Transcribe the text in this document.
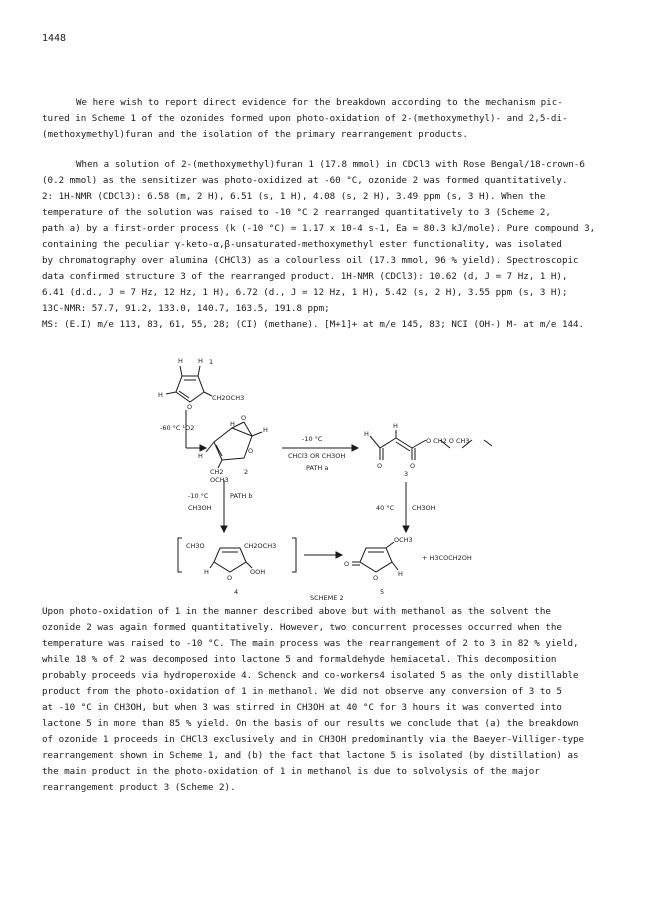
1448
We here wish to report direct evidence for the breakdown according to the mechanism pic-
tured in Scheme 1 of the ozonides formed upon photo-oxidation of 2-(methoxymethyl)- and 2,5-di-
(methoxymethyl)furan and the isolation of the primary rearrangement products.
When a solution of 2-(methoxymethyl)furan 1 (17.8 mmol) in CDCl3 with Rose Bengal/18-crown-6
(0.2 mmol) as the sensitizer was photo-oxidized at -60 °C, ozonide 2 was formed quantitatively.
2: 1H-NMR (CDCl3): 6.58 (m, 2 H), 6.51 (s, 1 H), 4.08 (s, 2 H), 3.49 ppm (s, 3 H). When the
temperature of the solution was raised to -10 °C 2 rearranged quantitatively to 3 (Scheme 2,
path a) by a first-order process (k (-10 °C) = 1.17 x 10-4 s-1, Ea = 80.3 kJ/mole). Pure compound 3,
containing the peculiar γ-keto-α,β-unsaturated-methoxymethyl ester functionality, was isolated
by chromatography over alumina (CHCl3) as a colourless oil (17.3 mmol, 96 % yield). Spectroscopic
data confirmed structure 3 of the rearranged product. 1H-NMR (CDCl3): 10.62 (d, J = 7 Hz, 1 H),
6.41 (d.d., J = 7 Hz, 12 Hz, 1 H), 6.72 (d., J = 12 Hz, 1 H), 5.42 (s, 2 H), 3.55 ppm (s, 3 H);
13C-NMR: 57.7, 91.2, 133.0, 140.7, 163.5, 191.8 ppm;
MS: (E.I) m/e 113, 83, 61, 55, 28; (CI) (methane). [M+1]+ at m/e 145, 83; NCI (OH-) M- at m/e 144.
H H 1
H	CH2OCH3
O
-60 °C ¹O2	H
O
H
O
H
CH2
OCH3
2
-10 °C
CHCl3 OR CH3OH
PATH a
H
H
O	O
O CH2 O CH3
3
-10 °C	PATH b
CH3OH	40 °C	CH3OH
CH3O	CH2OCH3
H
O
OOH
4
O
O
OCH3
H
5
+ H3COCH2OH
SCHEME 2
Upon photo-oxidation of 1 in the manner described above but with methanol as the solvent the
ozonide 2 was again formed quantitatively. However, two concurrent processes occurred when the
temperature was raised to -10 °C. The main process was the rearrangement of 2 to 3 in 82 % yield,
while 18 % of 2 was decomposed into lactone 5 and formaldehyde hemiacetal. This decomposition
probably proceeds via hydroperoxide 4. Schenck and co-workers4 isolated 5 as the only distillable
product from the photo-oxidation of 1 in methanol. We did not observe any conversion of 3 to 5
at -10 °C in CH3OH, but when 3 was stirred in CH3OH at 40 °C for 3 hours it was converted into
lactone 5 in more than 85 % yield. On the basis of our results we conclude that (a) the breakdown
of ozonide 1 proceeds in CHCl3 exclusively and in CH3OH predominantly via the Baeyer-Villiger-type
rearrangement shown in Scheme 1, and (b) the fact that lactone 5 is isolated (by distillation) as
the main product in the photo-oxidation of 1 in methanol is due to solvolysis of the major
rearrangement product 3 (Scheme 2).
